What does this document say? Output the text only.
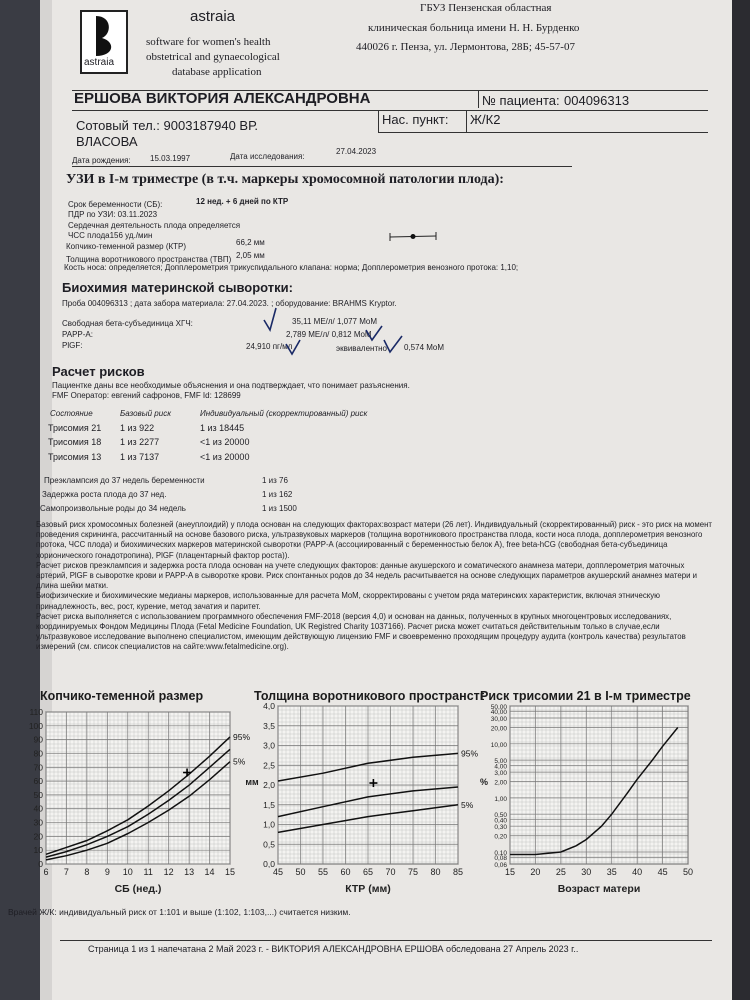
astraia
astraia
software for women's health
obstetrical and gynaecological
database application
ГБУЗ Пензенская областная
клиническая больница имени Н. Н. Бурденко
440026 г. Пенза, ул. Лермонтова, 28Б; 45-57-07
ЕРШОВА ВИКТОРИЯ АЛЕКСАНДРОВНА	№ пациента: 004096313
Сотовый тел.: 9003187940 ВР.
ВЛАСОВА
Нас. пункт: Ж/К2
Дата рождения: 15.03.1997	Дата исследования:
27.04.2023
УЗИ в I-м триместре (в т.ч. маркеры хромосомной патологии плода):
Срок беременности (СБ):	12 нед. + 6 дней по КТР
ПДР по УЗИ: 03.11.2023
Сердечная деятельность плода определяется
ЧСС плода156 уд./мин
Копчико-теменной размер (КТР)	66,2 мм
Толщина воротникового пространства (ТВП) 2,05 мм
Кость носа: определяется; Допплерометрия трикуспидального клапана: норма; Допплерометрия венозного протока: 1,10;
Биохимия материнской сыворотки:
Проба 004096313 ; дата забора материала: 27.04.2023. ; оборудование: BRAHMS Kryptor.
Свободная бета-субъединица ХГЧ:	35,11 МЕ/л/ 1,077 MoM
PAPP-A:	2,789 МЕ/л/ 0,812 MoM
PlGF:	24,910 пг/мл	эквивалентно 0,574 MoM
Расчет рисков
Пациентке даны все необходимые объяснения и она подтверждает, что понимает разъяснения.
FMF Оператор: евгений сафронов, FMF Id: 128699
Состояние	Базовый риск	Индивидуальный (скорректированный) риск
Трисомия 21 1 из 922	1 из 18445
Трисомия 18 1 из 2277	<1 из 20000
Трисомия 13 1 из 7137	<1 из 20000
Преэклампсия до 37 недель беременности	1 из 76
Задержка роста плода до 37 нед.	1 из 162
Самопроизвольные роды до 34 недель	1 из 1500
Базовый риск хромосомных болезней (анеуплоидий) у плода основан на следующих факторах:возраст матери (26 лет). Индивидуальный (скорректированный) риск - это риск на момент проведения скрининга, рассчитанный на основе базового риска, ультразвуковых маркеров (толщина воротникового пространства плода, кости носа плода, допплерометрия венозного протока, ЧСС плода) и биохимических маркеров материнской сыворотки (PAPP-A (ассоциированный с беременностью белок А), free beta-hCG (свободная бета-субъединица хорионического гонадотропина), PlGF (плацентарный фактор роста)).
Расчет рисков преэклампсия и задержка роста плода основан на учете следующих факторов: данные акушерского и соматического анамнеза матери, допплерометрия маточных артерий, PlGF в сыворотке крови и PAPP-A в сыворотке крови. Риск спонтанных родов до 34 недель расчитывается на основе следующих параметров акушерский анамнез матери и длина шейки матки.
Биофизические и биохимические медианы маркеров, использованные для расчета MoM, скорректированы с учетом ряда материнских характеристик, включая этническую принадлежность, вес, рост, курение, метод зачатия и паритет.
Расчет риска выполняется с использованием программного обеспечения FMF-2018 (версия 4,0) и основан на данных, полученных в крупных многоцентровых исследованиях, координируемых Фондом Медицины Плода (Fetal Medicine Foundation, UK Registred Charity 1037166). Расчет риска может считаться действительным только в случае,если ультразвуковое исследование выполнено специалистом, имеющим действующую лицензию FMF и своевременно проходящим процедуру аудита (контроль качества) результатов измерений (см. список специалистов на сайте:www.fetalmedicine.org).
Копчико-теменной размер
6 7 8 9 10 11 12 13 14 15
0
10
20
30
40
50
60
70
80
90
100
110
СБ (нед.)
95%
5%
Толщина воротникового пространства
45 50 55 60 65 70 75 80 85
0,0
0,5
1,0
1,5
2,0
2,5
3,0
3,5
4,0
КТР (мм)
мм
95%
5%
Риск трисомии 21 в I-м триместре
15 20 25 30 35 40 45 50
0,06
0,08
0,10
0,20
0,30
0,40
0,50
1,00
2,00
3,00
4,00
5,00
10,00
20,00
30,00
40,00
50,00
Возраст матери
%
Врачей Ж/К: индивидуальный риск от 1:101 и выше (1:102, 1:103,...) считается низким.
Страница 1 из 1 напечатана 2 Май 2023 г. - ВИКТОРИЯ АЛЕКСАНДРОВНА ЕРШОВА обследована 27 Апрель 2023 г..
